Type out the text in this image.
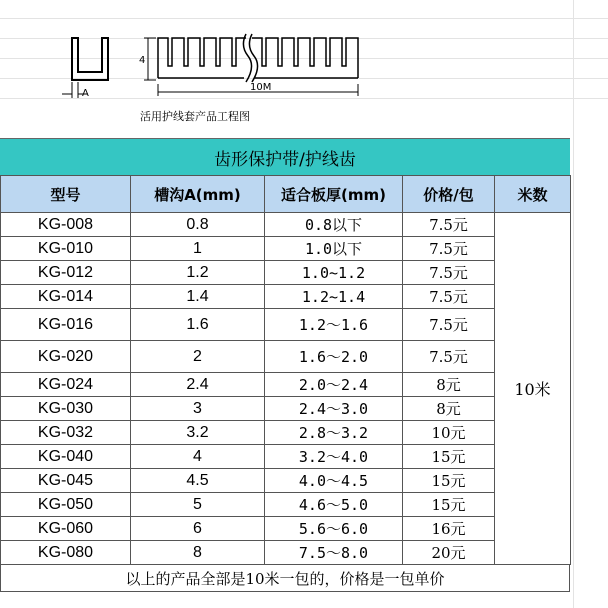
A
4
10M
活用护线套产品工程图
齿形保护带/护线齿
型号	槽沟A(mm)	适合板厚(mm)	价格/包	米数
KG-008	0.8	0.8以下	7.5元	10米
KG-010	1	1.0以下	7.5元	
KG-012	1.2	1.0~1.2	7.5元	
KG-014	1.4	1.2~1.4	7.5元	
KG-016	1.6	1.2～1.6	7.5元	
KG-020	2	1.6～2.0	7.5元	
KG-024	2.4	2.0～2.4	8元	
KG-030	3	2.4～3.0	8元	
KG-032	3.2	2.8～3.2	10元	
KG-040	4	3.2～4.0	15元	
KG-045	4.5	4.0～4.5	15元	
KG-050	5	4.6～5.0	15元	
KG-060	6	5.6～6.0	16元	
KG-080	8	7.5～8.0	20元	
以上的产品全部是10米一包的，价格是一包单价
